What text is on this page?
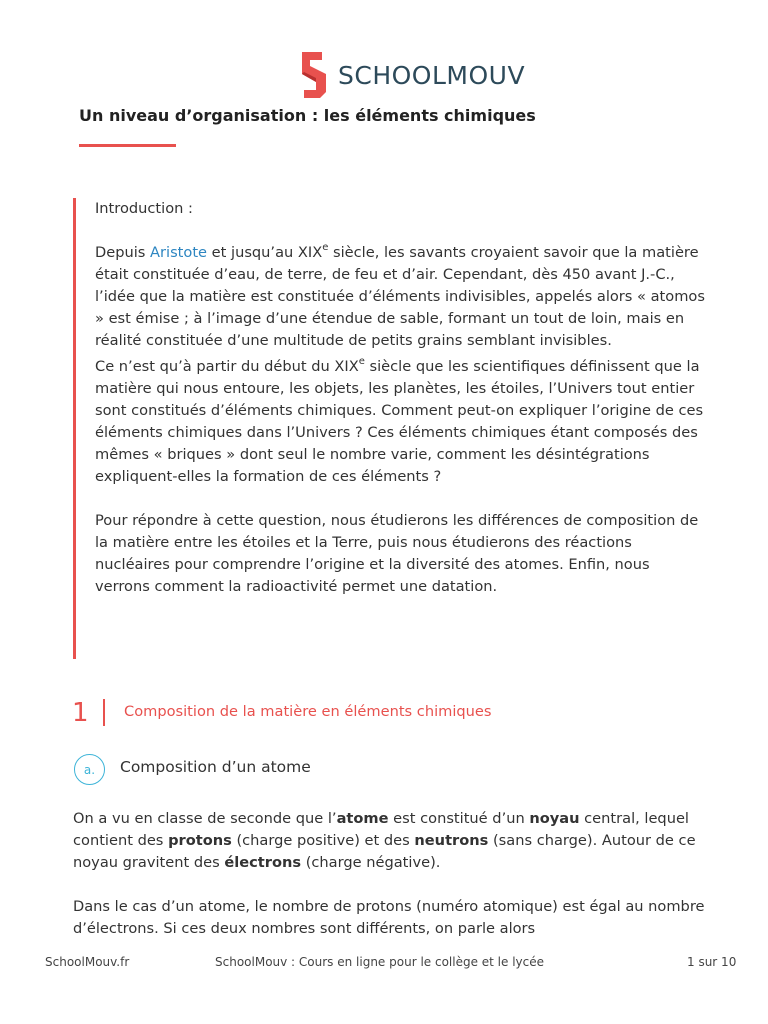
SCHOOLMOUV
Un niveau d’organisation : les éléments chimiques

Introduction :

Depuis Aristote et jusqu’au XIXe siècle, les savants croyaient savoir que la matière était constituée d’eau, de terre, de feu et d’air. Cependant, dès 450 avant J.-C., l’idée que la matière est constituée d’éléments indivisibles, appelés alors « atomos » est émise ; à l’image d’une étendue de sable, formant un tout de loin, mais en réalité constituée d’une multitude de petits grains semblant invisibles.

Ce n’est qu’à partir du début du XIXe siècle que les scientifiques définissent que la matière qui nous entoure, les objets, les planètes, les étoiles, l’Univers tout entier sont constitués d’éléments chimiques. Comment peut-on expliquer l’origine de ces éléments chimiques dans l’Univers ? Ces éléments chimiques étant composés des mêmes « briques » dont seul le nombre varie, comment les désintégrations expliquent-elles la formation de ces éléments ?

Pour répondre à cette question, nous étudierons les différences de composition de la matière entre les étoiles et la Terre, puis nous étudierons des réactions nucléaires pour comprendre l’origine et la diversité des atomes. Enfin, nous verrons comment la radioactivité permet une datation.

1 Composition de la matière en éléments chimiques
a.	Composition d’un atome

On a vu en classe de seconde que l’atome est constitué d’un noyau central, lequel contient des protons (charge positive) et des neutrons (sans charge). Autour de ce noyau gravitent des électrons (charge négative).

Dans le cas d’un atome, le nombre de protons (numéro atomique) est égal au nombre d’électrons. Si ces deux nombres sont différents, on parle alors

SchoolMouv.fr	SchoolMouv : Cours en ligne pour le collège et le lycée	1 sur 10
